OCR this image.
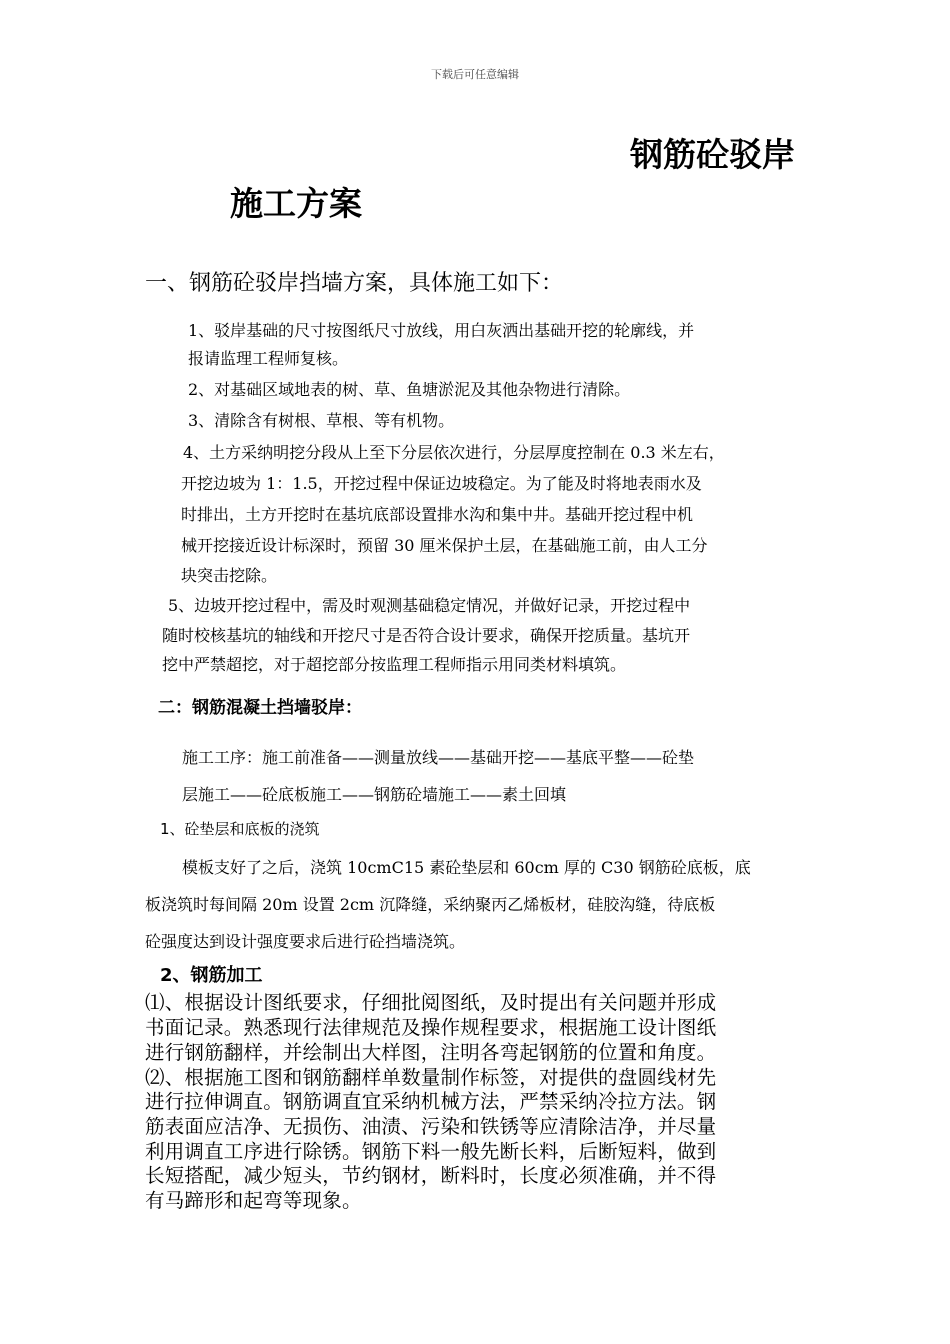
下载后可任意编辑
钢筋砼驳岸
施工方案
一、钢筋砼驳岸挡墙方案，具体施工如下：
1、驳岸基础的尺寸按图纸尺寸放线，用白灰洒出基础开挖的轮廓线，并
报请监理工程师复核。
2、对基础区域地表的树、草、鱼塘淤泥及其他杂物进行清除。
3、清除含有树根、草根、等有机物。
4、土方采纳明挖分段从上至下分层依次进行，分层厚度控制在 0.3 米左右，
开挖边坡为 1：1.5，开挖过程中保证边坡稳定。为了能及时将地表雨水及
时排出，土方开挖时在基坑底部设置排水沟和集中井。基础开挖过程中机
械开挖接近设计标深时，预留 30 厘米保护土层，在基础施工前，由人工分
块突击挖除。
5、边坡开挖过程中，需及时观测基础稳定情况，并做好记录，开挖过程中
随时校核基坑的轴线和开挖尺寸是否符合设计要求，确保开挖质量。基坑开
挖中严禁超挖，对于超挖部分按监理工程师指示用同类材料填筑。
二：钢筋混凝土挡墙驳岸：
施工工序：施工前准备——测量放线——基础开挖——基底平整——砼垫
层施工——砼底板施工——钢筋砼墙施工——素土回填
1、砼垫层和底板的浇筑
模板支好了之后，浇筑 10cmC15 素砼垫层和 60cm 厚的 C30 钢筋砼底板，底
板浇筑时每间隔 20m 设置 2cm 沉降缝，采纳聚丙乙烯板材，硅胶沟缝，待底板
砼强度达到设计强度要求后进行砼挡墙浇筑。
2、钢筋加工
⑴、根据设计图纸要求，仔细批阅图纸，及时提出有关问题并形成
书面记录。熟悉现行法律规范及操作规程要求，根据施工设计图纸
进行钢筋翻样，并绘制出大样图，注明各弯起钢筋的位置和角度。
⑵、根据施工图和钢筋翻样单数量制作标签，对提供的盘圆线材先
进行拉伸调直。钢筋调直宜采纳机械方法，严禁采纳冷拉方法。钢
筋表面应洁净、无损伤、油渍、污染和铁锈等应清除洁净，并尽量
利用调直工序进行除锈。钢筋下料一般先断长料，后断短料，做到
长短搭配，减少短头，节约钢材，断料时，长度必须准确，并不得
有马蹄形和起弯等现象。
